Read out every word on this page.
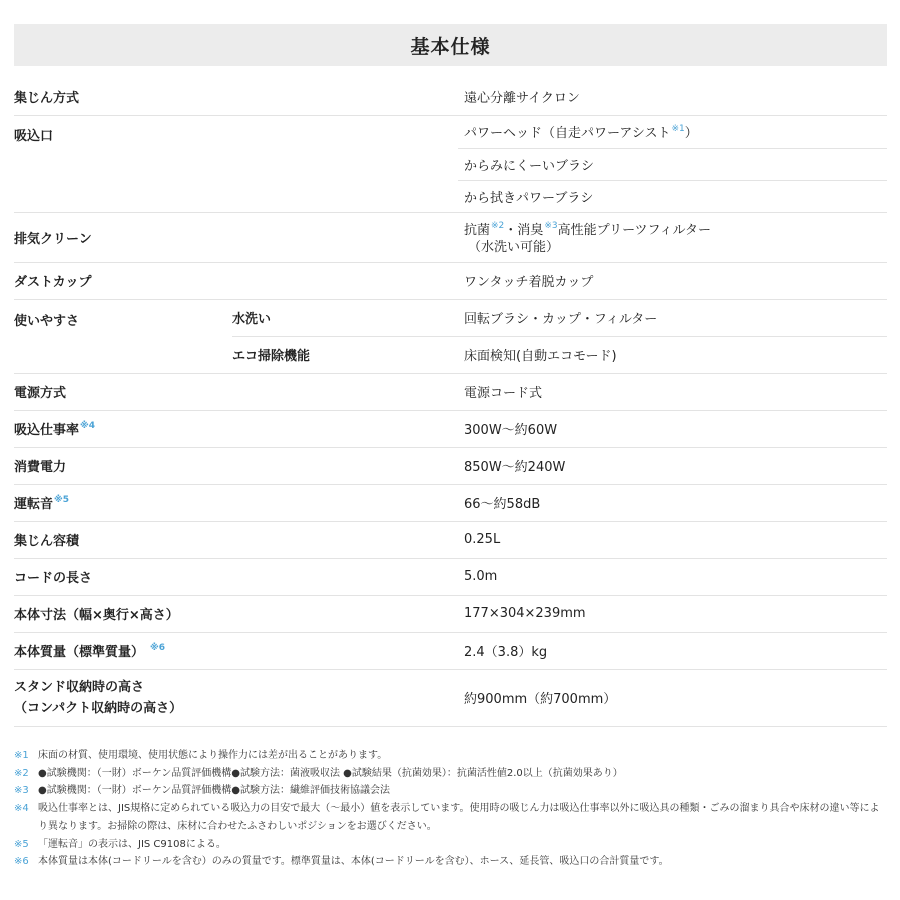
基本仕様
集じん方式		遠心分離サイクロン
吸込口		パワーヘッド（自走パワーアシスト$^{※1}$）
		からみにくーいブラシ
		から拭きパワーブラシ
排気クリーン		抗菌$^{※2}$・消臭$^{※3}$高性能プリーツフィルター
（水洗い可能）
ダストカップ		ワンタッチ着脱カップ
使いやすさ	水洗い	回転ブラシ・カップ・フィルター
	エコ掃除機能	床面検知(自動エコモード)
電源方式		電源コード式
吸込仕事率$^{※4}$		300W〜約60W
消費電力		850W〜約240W
運転音$^{※5}$		66〜約58dB
集じん容積		0.25L
コードの長さ		5.0m
本体寸法（幅×奥行×高さ）		177×304×239mm
本体質量（標準質量） $^{※6}$		2.4（3.8）kg
スタンド収納時の高さ
（コンパクト収納時の高さ）		約900mm（約700mm）
※1 床面の材質、使用環境、使用状態により操作力には差が出ることがあります。
※2 ●試験機関：（一財）ボーケン品質評価機構●試験方法：菌液吸収法 ●試験結果（抗菌効果）：抗菌活性値2.0以上（抗菌効果あり）
※3 ●試験機関：（一財）ボーケン品質評価機構●試験方法：繊維評価技術協議会法
※4 吸込仕事率とは、JIS規格に定められている吸込力の目安で最大（〜最小）値を表示しています。使用時の吸じん力は吸込仕事率以外に吸込具の種類・ごみの溜まり具合や床材の違い等により異なります。お掃除の際は、床材に合わせたふさわしいポジションをお選びください。
※5 「運転音」の表示は、JIS C9108による。
※6 本体質量は本体(コードリールを含む）のみの質量です。標準質量は、本体(コードリールを含む）、ホース、延長管、吸込口の合計質量です。
